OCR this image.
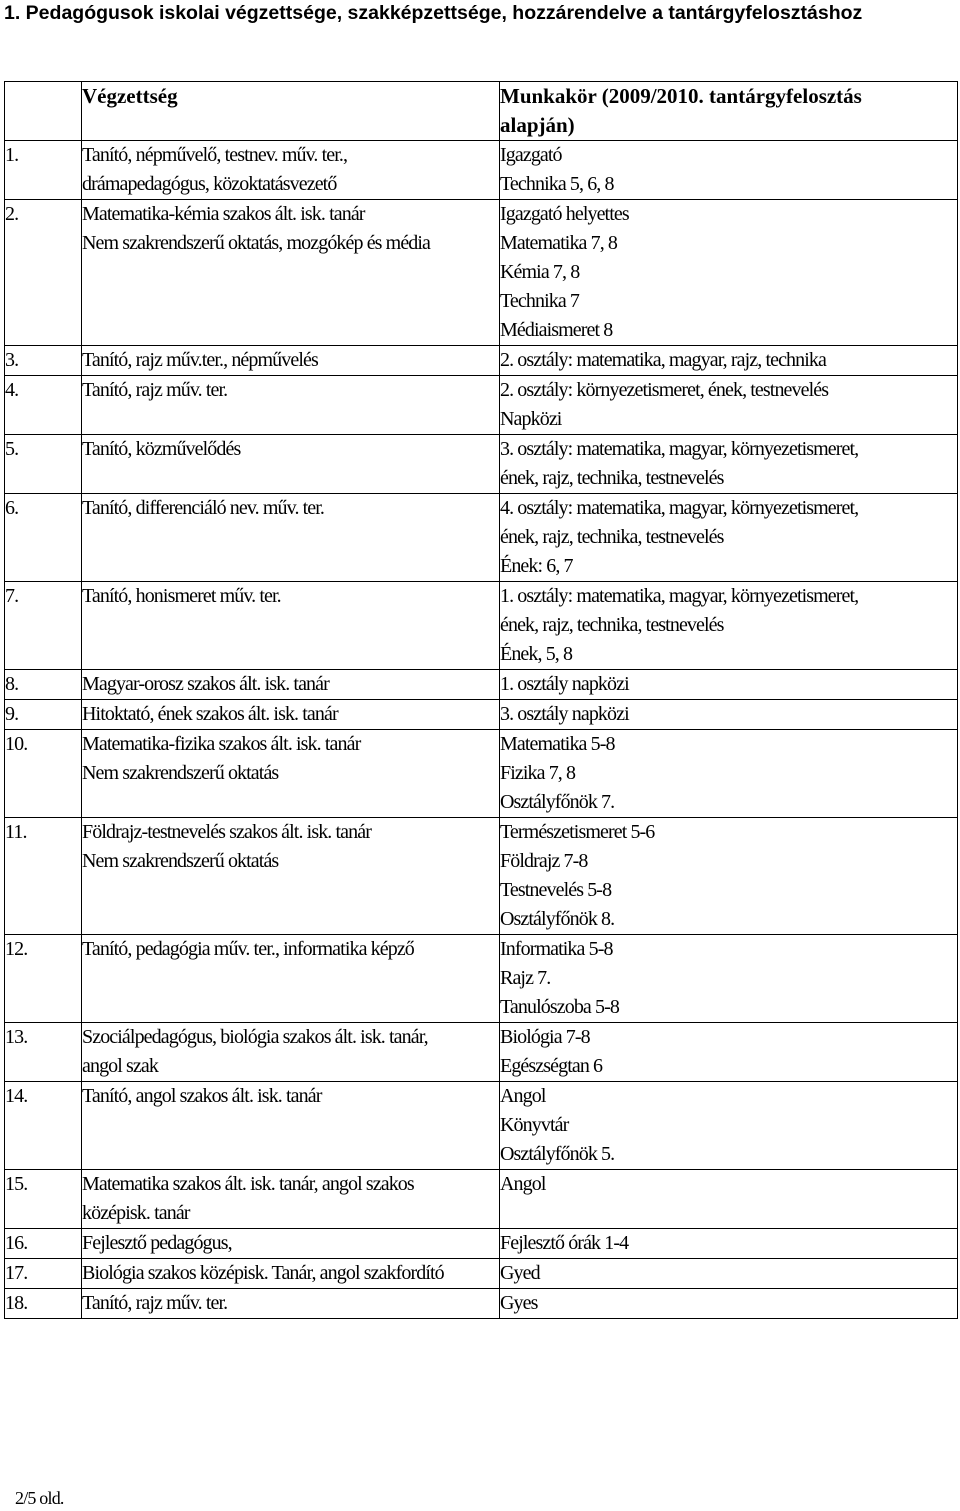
1. Pedagógusok iskolai végzettsége, szakképzettsége, hozzárendelve a tantárgyfelosztáshoz

	Végzettség	Munkakör (2009/2010. tantárgyfelosztás
alapján)

1.	Tanító, népművelő, testnev. műv. ter.,
drámapedagógus, közoktatásvezető	Igazgató
Technika 5, 6, 8

2.	Matematika-kémia szakos ált. isk. tanár
Nem szakrendszerű oktatás, mozgókép és média	Igazgató helyettes
Matematika 7, 8
Kémia 7, 8
Technika 7
Médiaismeret 8

3.	Tanító, rajz műv.ter., népművelés	2. osztály: matematika, magyar, rajz, technika

4.	Tanító, rajz műv. ter.	2. osztály: környezetismeret, ének, testnevelés
Napközi

5.	Tanító, közművelődés	3. osztály: matematika, magyar, környezetismeret,
ének, rajz, technika, testnevelés

6.	Tanító, differenciáló nev. műv. ter.	4. osztály: matematika, magyar, környezetismeret,
ének, rajz, technika, testnevelés
Ének: 6, 7

7.	Tanító, honismeret műv. ter.	1. osztály: matematika, magyar, környezetismeret,
ének, rajz, technika, testnevelés
Ének, 5, 8

8.	Magyar-orosz szakos ált. isk. tanár	1. osztály napközi

9.	Hitoktató, ének szakos ált. isk. tanár	3. osztály napközi

10.	Matematika-fizika szakos ált. isk. tanár
Nem szakrendszerű oktatás	Matematika 5-8
Fizika 7, 8
Osztályfőnök 7.

11.	Földrajz-testnevelés szakos ált. isk. tanár
Nem szakrendszerű oktatás	Természetismeret 5-6
Földrajz 7-8
Testnevelés 5-8
Osztályfőnök 8.

12.	Tanító, pedagógia műv. ter., informatika képző	Informatika 5-8
Rajz 7.
Tanulószoba 5-8

13.	Szociálpedagógus, biológia szakos ált. isk. tanár,
angol szak	Biológia 7-8
Egészségtan 6

14.	Tanító, angol szakos ált. isk. tanár	Angol
Könyvtár
Osztályfőnök 5.

15.	Matematika szakos ált. isk. tanár, angol szakos
középisk. tanár	Angol

16.	Fejlesztő pedagógus,	Fejlesztő órák 1-4

17.	Biológia szakos középisk. Tanár, angol szakfordító	Gyed

18.	Tanító, rajz műv. ter.	Gyes
2/5 old.
